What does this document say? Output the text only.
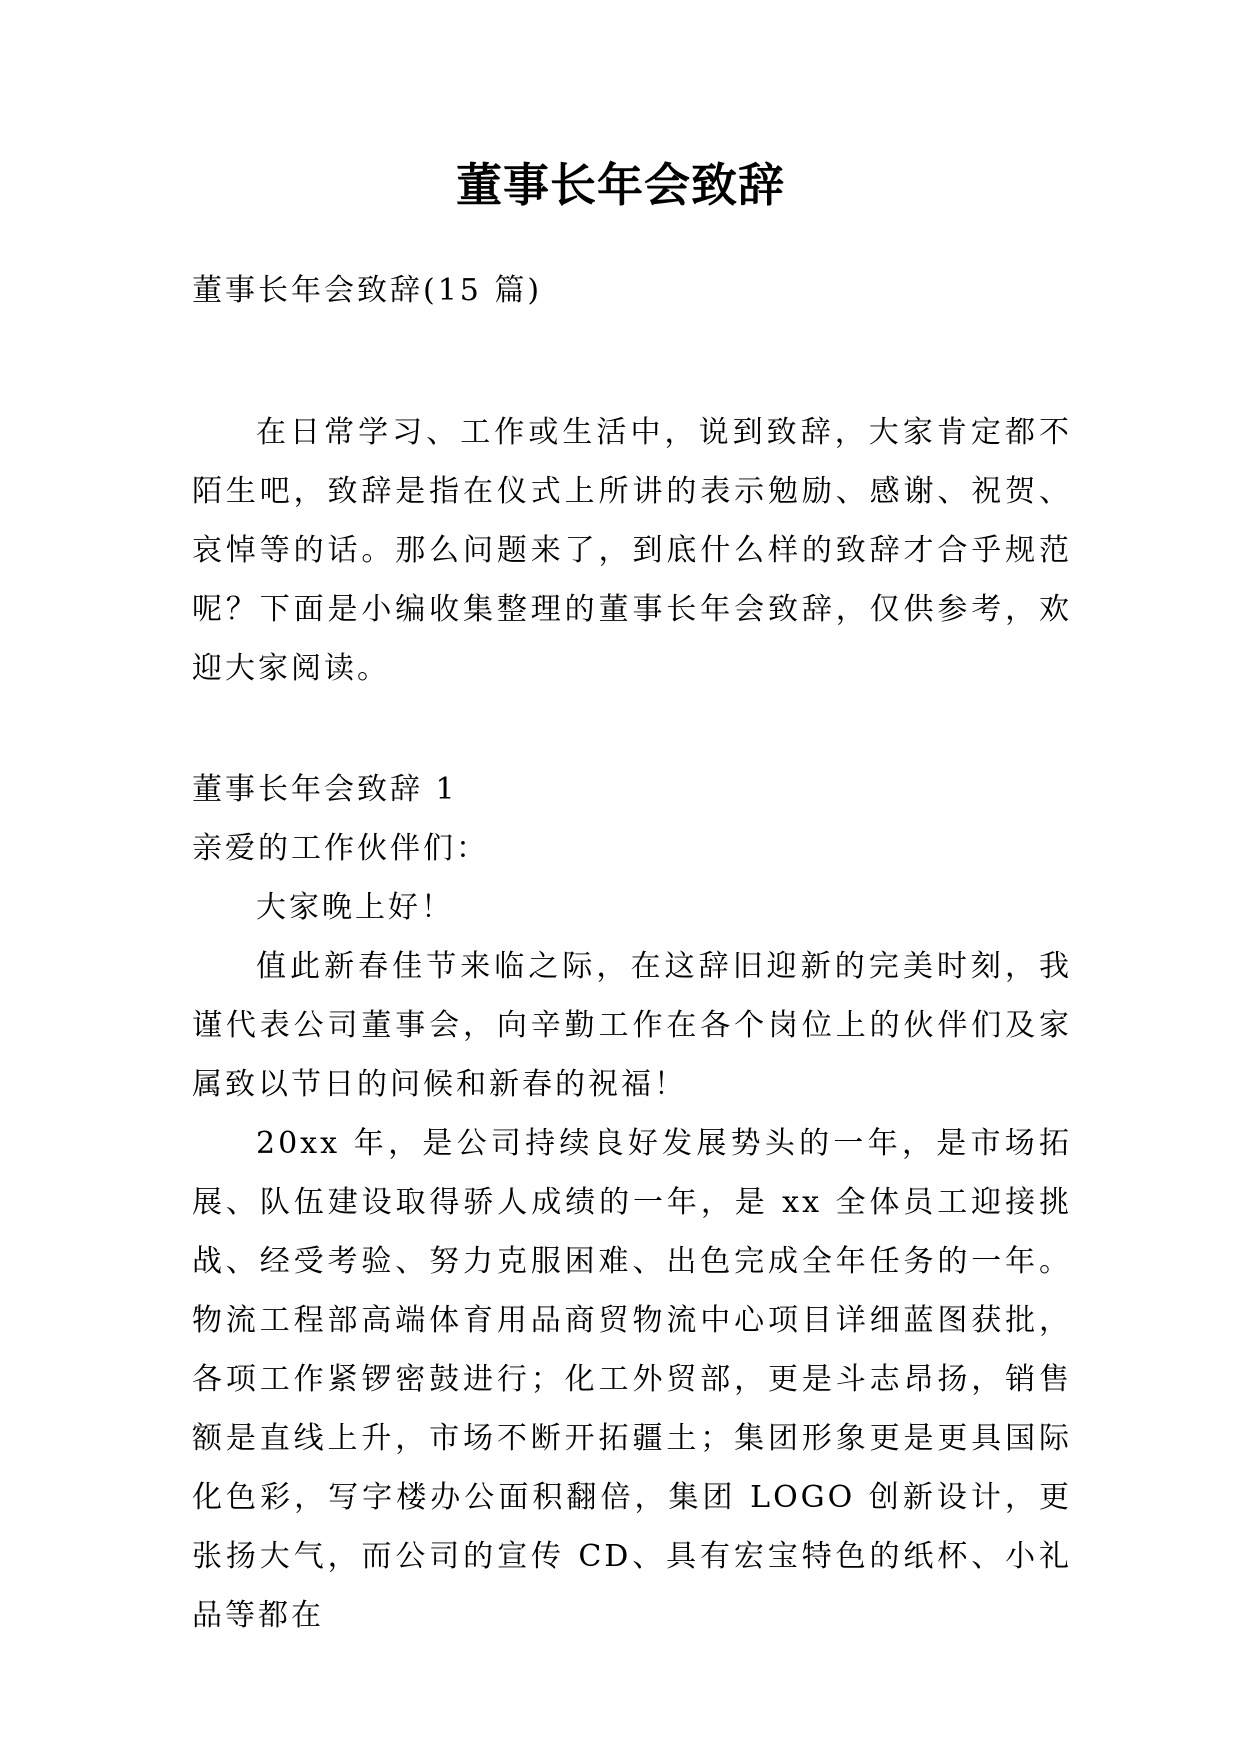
董事长年会致辞

董事长年会致辞(15 篇)

在日常学习、工作或生活中，说到致辞，大家肯定都不陌生吧，致辞是指在仪式上所讲的表示勉励、感谢、祝贺、哀悼等的话。那么问题来了，到底什么样的致辞才合乎规范呢？下面是小编收集整理的董事长年会致辞，仅供参考，欢迎大家阅读。

董事长年会致辞 1

亲爱的工作伙伴们：

大家晚上好！

值此新春佳节来临之际，在这辞旧迎新的完美时刻，我谨代表公司董事会，向辛勤工作在各个岗位上的伙伴们及家属致以节日的问候和新春的祝福！

20xx 年，是公司持续良好发展势头的一年，是市场拓展、队伍建设取得骄人成绩的一年，是 xx 全体员工迎接挑战、经受考验、努力克服困难、出色完成全年任务的一年。物流工程部高端体育用品商贸物流中心项目详细蓝图获批，各项工作紧锣密鼓进行；化工外贸部，更是斗志昂扬，销售额是直线上升，市场不断开拓疆土；集团形象更是更具国际化色彩，写字楼办公面积翻倍，集团 LOGO 创新设计，更张扬大气，而公司的宣传 CD、具有宏宝特色的纸杯、小礼品等都在
